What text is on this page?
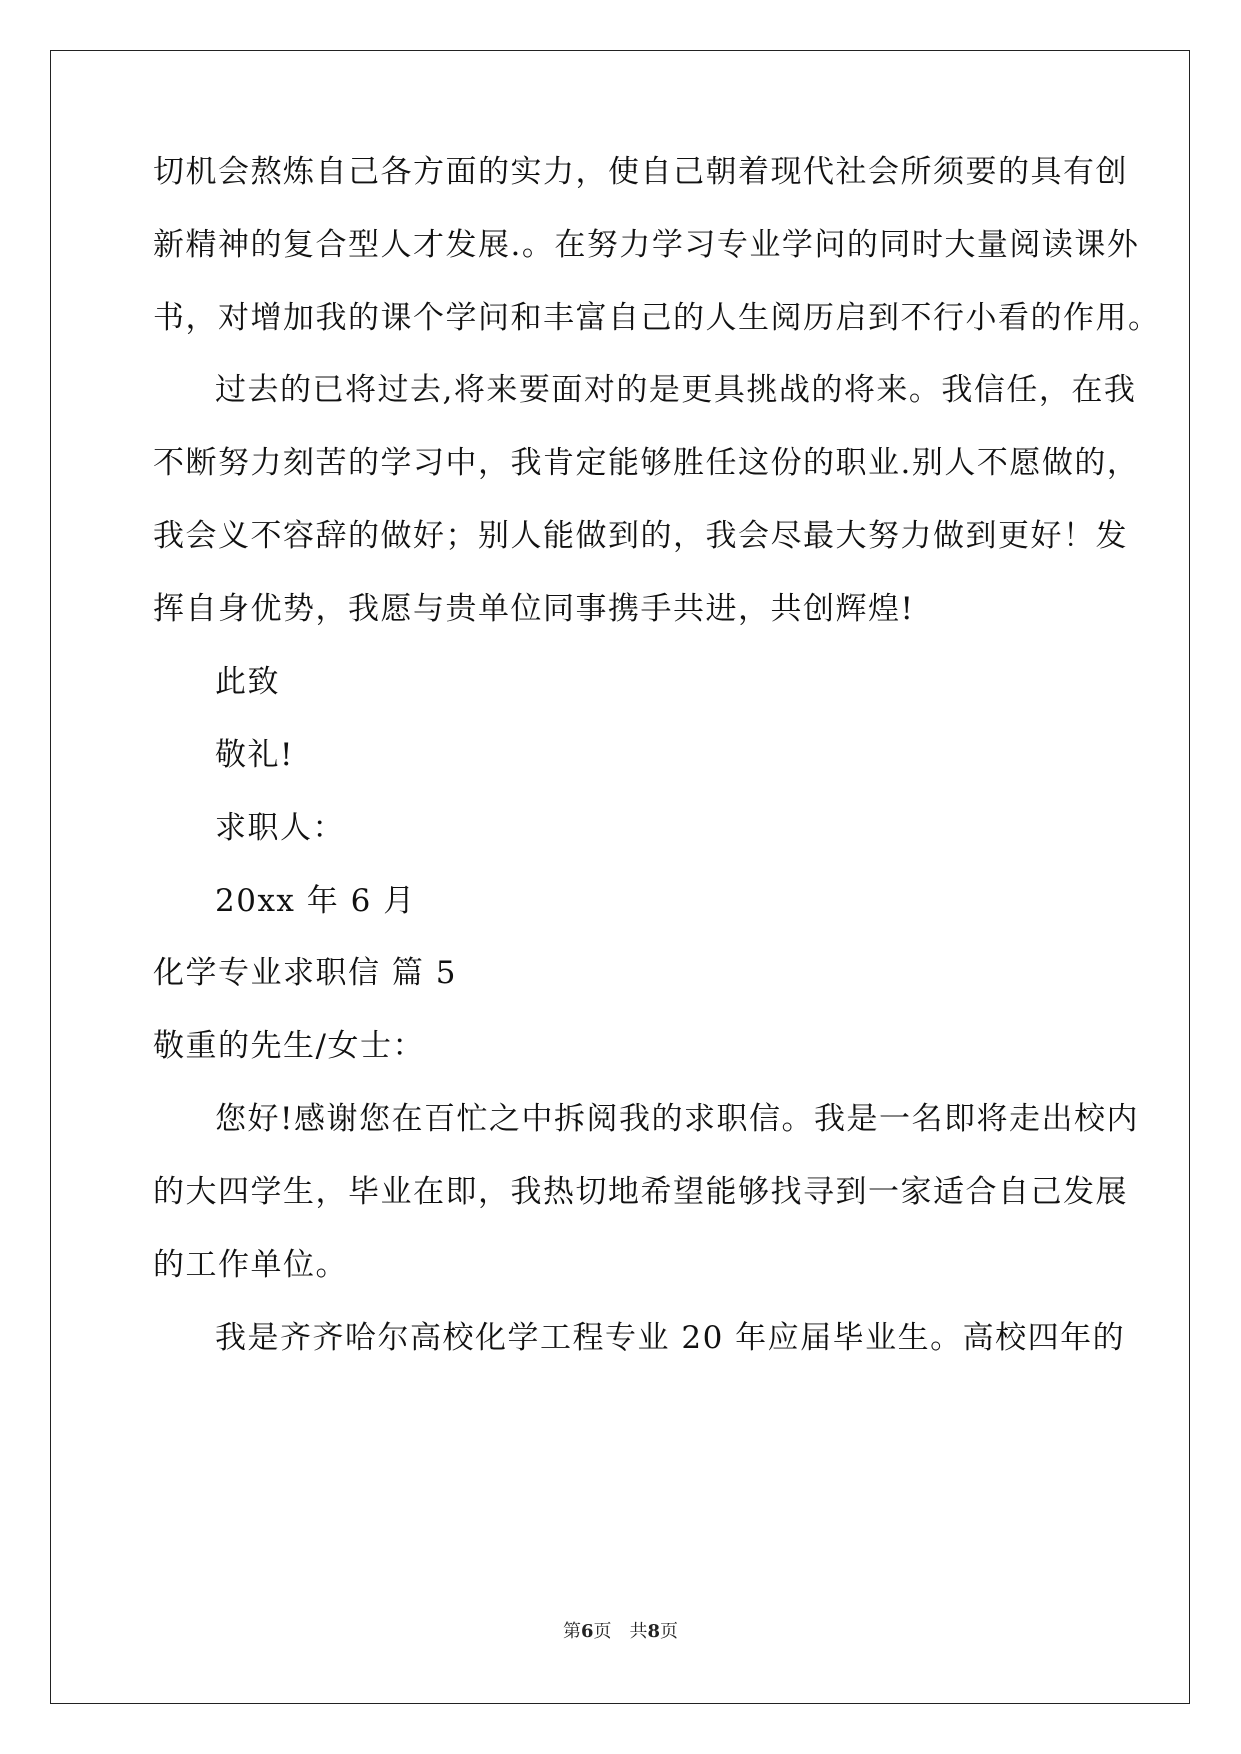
切机会熬炼自己各方面的实力，使自己朝着现代社会所须要的具有创
新精神的复合型人才发展.。在努力学习专业学问的同时大量阅读课外
书，对增加我的课个学问和丰富自己的人生阅历启到不行小看的作用。
过去的已将过去,将来要面对的是更具挑战的将来。我信任，在我
不断努力刻苦的学习中，我肯定能够胜任这份的职业.别人不愿做的，
我会义不容辞的做好；别人能做到的，我会尽最大努力做到更好！发
挥自身优势，我愿与贵单位同事携手共进，共创辉煌!
此致
敬礼!
求职人：
20xx 年 6 月
化学专业求职信 篇 5
敬重的先生/女士：
您好!感谢您在百忙之中拆阅我的求职信。我是一名即将走出校内
的大四学生，毕业在即，我热切地希望能够找寻到一家适合自己发展
的工作单位。
我是齐齐哈尔高校化学工程专业 20 年应届毕业生。高校四年的
第6页 共8页
